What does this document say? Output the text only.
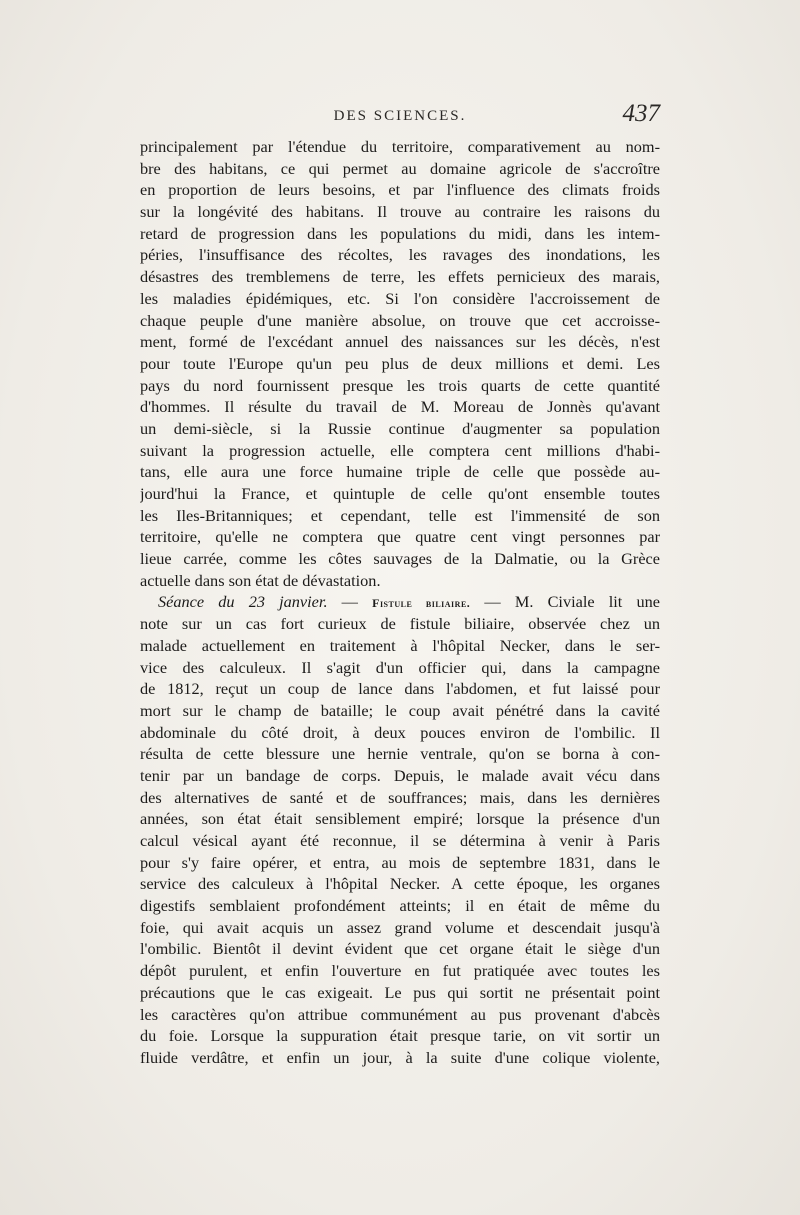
DES SCIENCES.	437
principalement par l'étendue du territoire, comparativement au nom-
bre des habitans, ce qui permet au domaine agricole de s'accroître
en proportion de leurs besoins, et par l'influence des climats froids
sur la longévité des habitans. Il trouve au contraire les raisons du
retard de progression dans les populations du midi, dans les intem-
péries, l'insuffisance des récoltes, les ravages des inondations, les
désastres des tremblemens de terre, les effets pernicieux des marais,
les maladies épidémiques, etc. Si l'on considère l'accroissement de
chaque peuple d'une manière absolue, on trouve que cet accroisse-
ment, formé de l'excédant annuel des naissances sur les décès, n'est
pour toute l'Europe qu'un peu plus de deux millions et demi. Les
pays du nord fournissent presque les trois quarts de cette quantité
d'hommes. Il résulte du travail de M. Moreau de Jonnès qu'avant
un demi-siècle, si la Russie continue d'augmenter sa population
suivant la progression actuelle, elle comptera cent millions d'habi-
tans, elle aura une force humaine triple de celle que possède au-
jourd'hui la France, et quintuple de celle qu'ont ensemble toutes
les Iles-Britanniques; et cependant, telle est l'immensité de son
territoire, qu'elle ne comptera que quatre cent vingt personnes par
lieue carrée, comme les côtes sauvages de la Dalmatie, ou la Grèce
actuelle dans son état de dévastation.
Séance du 23 janvier. — Fistule biliaire. — M. Civiale lit une
note sur un cas fort curieux de fistule biliaire, observée chez un
malade actuellement en traitement à l'hôpital Necker, dans le ser-
vice des calculeux. Il s'agit d'un officier qui, dans la campagne
de 1812, reçut un coup de lance dans l'abdomen, et fut laissé pour
mort sur le champ de bataille; le coup avait pénétré dans la cavité
abdominale du côté droit, à deux pouces environ de l'ombilic. Il
résulta de cette blessure une hernie ventrale, qu'on se borna à con-
tenir par un bandage de corps. Depuis, le malade avait vécu dans
des alternatives de santé et de souffrances; mais, dans les dernières
années, son état était sensiblement empiré; lorsque la présence d'un
calcul vésical ayant été reconnue, il se détermina à venir à Paris
pour s'y faire opérer, et entra, au mois de septembre 1831, dans le
service des calculeux à l'hôpital Necker. A cette époque, les organes
digestifs semblaient profondément atteints; il en était de même du
foie, qui avait acquis un assez grand volume et descendait jusqu'à
l'ombilic. Bientôt il devint évident que cet organe était le siège d'un
dépôt purulent, et enfin l'ouverture en fut pratiquée avec toutes les
précautions que le cas exigeait. Le pus qui sortit ne présentait point
les caractères qu'on attribue communément au pus provenant d'abcès
du foie. Lorsque la suppuration était presque tarie, on vit sortir un
fluide verdâtre, et enfin un jour, à la suite d'une colique violente,
